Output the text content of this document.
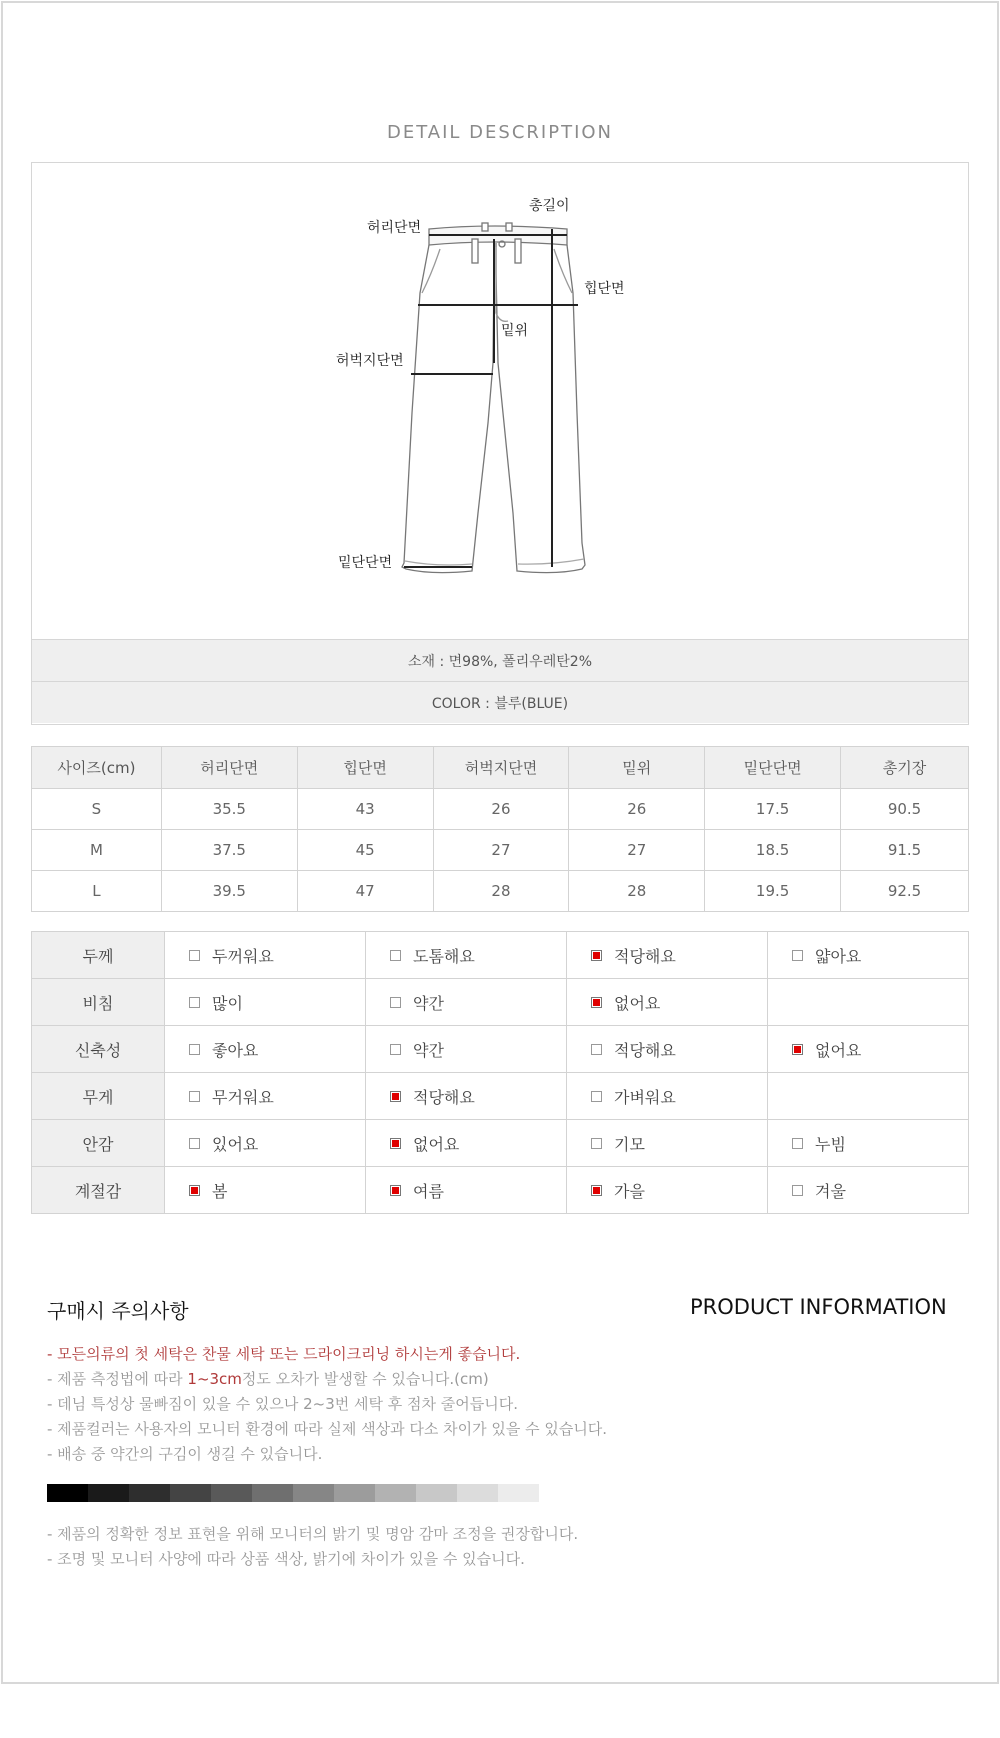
DETAIL DESCRIPTION
총길이
허리단면
힙단면
밑위
허벅지단면
밑단단면
소재 : 면98%, 폴리우레탄2%
COLOR : 블루(BLUE)
사이즈(cm)	허리단면	힙단면	허벅지단면	밑위	밑단단면	총기장
S	35.5	43	26	26	17.5	90.5
M	37.5	45	27	27	18.5	91.5
L	39.5	47	28	28	19.5	92.5
두께	두꺼워요	도톰해요	적당해요	얇아요
비침	많이	약간	없어요	
신축성	좋아요	약간	적당해요	없어요
무게	무거워요	적당해요	가벼워요	
안감	있어요	없어요	기모	누빔
계절감	봄	여름	가을	겨울
구매시 주의사항	PRODUCT INFORMATION
- 모든의류의 첫 세탁은 찬물 세탁 또는 드라이크리닝 하시는게 좋습니다.
- 제품 측정법에 따라 1~3cm정도 오차가 발생할 수 있습니다.(cm)
- 데님 특성상 물빠짐이 있을 수 있으나 2~3번 세탁 후 점차 줄어듭니다.
- 제품컬러는 사용자의 모니터 환경에 따라 실제 색상과 다소 차이가 있을 수 있습니다.
- 배송 중 약간의 구김이 생길 수 있습니다.
- 제품의 정확한 정보 표현을 위해 모니터의 밝기 및 명암 감마 조정을 권장합니다.
- 조명 및 모니터 사양에 따라 상품 색상, 밝기에 차이가 있을 수 있습니다.
